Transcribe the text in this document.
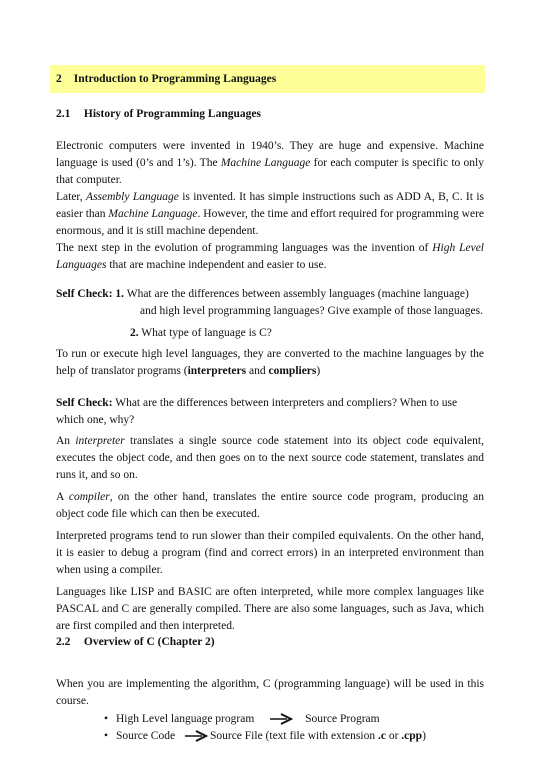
2 Introduction to Programming Languages
2.1 History of Programming Languages

Electronic computers were invented in 1940’s. They are huge and expensive. Machine language is used (0’s and 1’s). The Machine Language for each computer is specific to only that computer.

Later, Assembly Language is invented. It has simple instructions such as ADD A, B, C. It is easier than Machine Language. However, the time and effort required for programming were enormous, and it is still machine dependent.

The next step in the evolution of programming languages was the invention of High Level Languages that are machine independent and easier to use.

Self Check: 1. What are the differences between assembly languages (machine language)
and high level programming languages? Give example of those languages.
2. What type of language is C?

To run or execute high level languages, they are converted to the machine languages by the help of translator programs (interpreters and compliers)

Self Check: What are the differences between interpreters and compliers? When to use
which one, why?

An interpreter translates a single source code statement into its object code equivalent, executes the object code, and then goes on to the next source code statement, translates and runs it, and so on.

A compiler, on the other hand, translates the entire source code program, producing an object code file which can then be executed.

Interpreted programs tend to run slower than their compiled equivalents. On the other hand, it is easier to debug a program (find and correct errors) in an interpreted environment than when using a compiler.

Languages like LISP and BASIC are often interpreted, while more complex languages like PASCAL and C are generally compiled. There are also some languages, such as Java, which are first compiled and then interpreted.

2.2 Overview of C (Chapter 2)

When you are implementing the algorithm, C (programming language) will be used in this course.

• High Level language program	Source Program
• Source Code	Source File (text file with extension .c or .cpp)
